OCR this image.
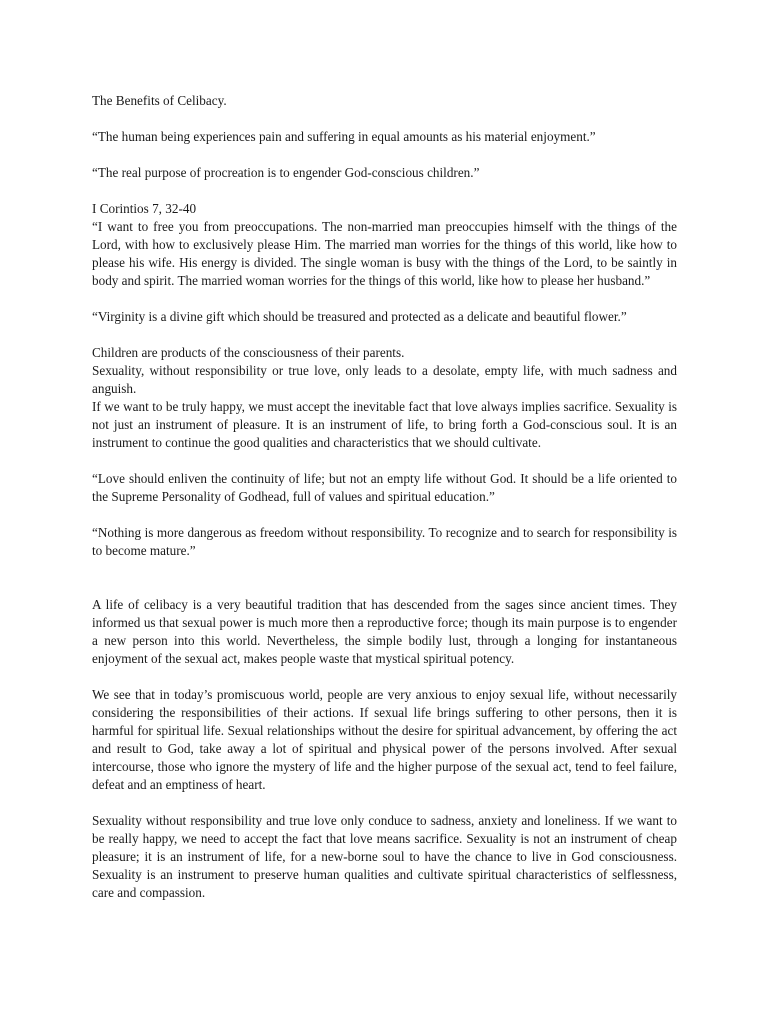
The Benefits of Celibacy.

“The human being experiences pain and suffering in equal amounts as his material enjoyment.”

“The real purpose of procreation is to engender God-conscious children.”

I Corintios 7, 32-40
“I want to free you from preoccupations. The non-married man preoccupies himself with the things of the Lord, with how to exclusively please Him. The married man worries for the things of this world, like how to please his wife. His energy is divided. The single woman is busy with the things of the Lord, to be saintly in body and spirit. The married woman worries for the things of this world, like how to please her husband.”

“Virginity is a divine gift which should be treasured and protected as a delicate and beautiful flower.”

Children are products of the consciousness of their parents.
Sexuality, without responsibility or true love, only leads to a desolate, empty life, with much sadness and anguish.
If we want to be truly happy, we must accept the inevitable fact that love always implies sacrifice. Sexuality is not just an instrument of pleasure. It is an instrument of life, to bring forth a God-conscious soul. It is an instrument to continue the good qualities and characteristics that we should cultivate.

“Love should enliven the continuity of life; but not an empty life without God. It should be a life oriented to the Supreme Personality of Godhead, full of values and spiritual education.”

“Nothing is more dangerous as freedom without responsibility. To recognize and to search for responsibility is to become mature.”

A life of celibacy is a very beautiful tradition that has descended from the sages since ancient times. They informed us that sexual power is much more then a reproductive force; though its main purpose is to engender a new person into this world. Nevertheless, the simple bodily lust, through a longing for instantaneous enjoyment of the sexual act, makes people waste that mystical spiritual potency.

We see that in today’s promiscuous world, people are very anxious to enjoy sexual life, without necessarily considering the responsibilities of their actions. If sexual life brings suffering to other persons, then it is harmful for spiritual life. Sexual relationships without the desire for spiritual advancement, by offering the act and result to God, take away a lot of spiritual and physical power of the persons involved. After sexual intercourse, those who ignore the mystery of life and the higher purpose of the sexual act, tend to feel failure, defeat and an emptiness of heart.

Sexuality without responsibility and true love only conduce to sadness, anxiety and loneliness. If we want to be really happy, we need to accept the fact that love means sacrifice. Sexuality is not an instrument of cheap pleasure; it is an instrument of life, for a new-borne soul to have the chance to live in God consciousness. Sexuality is an instrument to preserve human qualities and cultivate spiritual characteristics of selflessness, care and compassion.
